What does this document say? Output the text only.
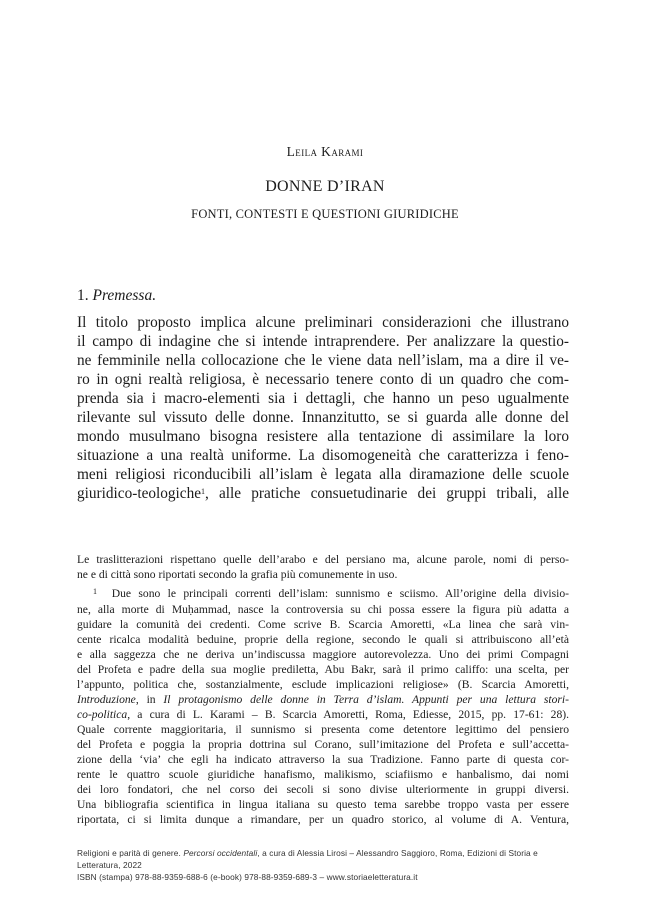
Leila Karami
DONNE D’IRAN
FONTI, CONTESTI E QUESTIONI GIURIDICHE
1. Premessa.
Il titolo proposto implica alcune preliminari considerazioni che illustrano
il campo di indagine che si intende intraprendere. Per analizzare la questio-
ne femminile nella collocazione che le viene data nell’islam, ma a dire il ve-
ro in ogni realtà religiosa, è necessario tenere conto di un quadro che com-
prenda sia i macro-elementi sia i dettagli, che hanno un peso ugualmente
rilevante sul vissuto delle donne. Innanzitutto, se si guarda alle donne del
mondo musulmano bisogna resistere alla tentazione di assimilare la loro
situazione a una realtà uniforme. La disomogeneità che caratterizza i feno-
meni religiosi riconducibili all’islam è legata alla diramazione delle scuole
giuridico-teologiche$^1$, alle pratiche consuetudinarie dei gruppi tribali, alle
Le traslitterazioni rispettano quelle dell’arabo e del persiano ma, alcune parole, nomi di perso-
ne e di città sono riportati secondo la grafia più comunemente in uso.
$^1$ Due sono le principali correnti dell’islam: sunnismo e sciismo. All’origine della divisio-
ne, alla morte di Muḥammad, nasce la controversia su chi possa essere la figura più adatta a
guidare la comunità dei credenti. Come scrive B. Scarcia Amoretti, «La linea che sarà vin-
cente ricalca modalità beduine, proprie della regione, secondo le quali si attribuiscono all’età
e alla saggezza che ne deriva un’indiscussa maggiore autorevolezza. Uno dei primi Compagni
del Profeta e padre della sua moglie prediletta, Abu Bakr, sarà il primo califfo: una scelta, per
l’appunto, politica che, sostanzialmente, esclude implicazioni religiose» (B. Scarcia Amoretti,
Introduzione, in Il protagonismo delle donne in Terra d’islam. Appunti per una lettura stori-
co-politica, a cura di L. Karami – B. Scarcia Amoretti, Roma, Ediesse, 2015, pp. 17-61: 28).
Quale corrente maggioritaria, il sunnismo si presenta come detentore legittimo del pensiero
del Profeta e poggia la propria dottrina sul Corano, sull’imitazione del Profeta e sull’accetta-
zione della ‘via’ che egli ha indicato attraverso la sua Tradizione. Fanno parte di questa cor-
rente le quattro scuole giuridiche hanafismo, malikismo, sciafiismo e hanbalismo, dai nomi
dei loro fondatori, che nel corso dei secoli si sono divise ulteriormente in gruppi diversi.
Una bibliografia scientifica in lingua italiana su questo tema sarebbe troppo vasta per essere
riportata, ci si limita dunque a rimandare, per un quadro storico, al volume di A. Ventura,
Religioni e parità di genere. Percorsi occidentali, a cura di Alessia Lirosi – Alessandro Saggioro, Roma, Edizioni di Storia e
Letteratura, 2022
ISBN (stampa) 978-88-9359-688-6 (e-book) 978-88-9359-689-3 – www.storiaeletteratura.it
